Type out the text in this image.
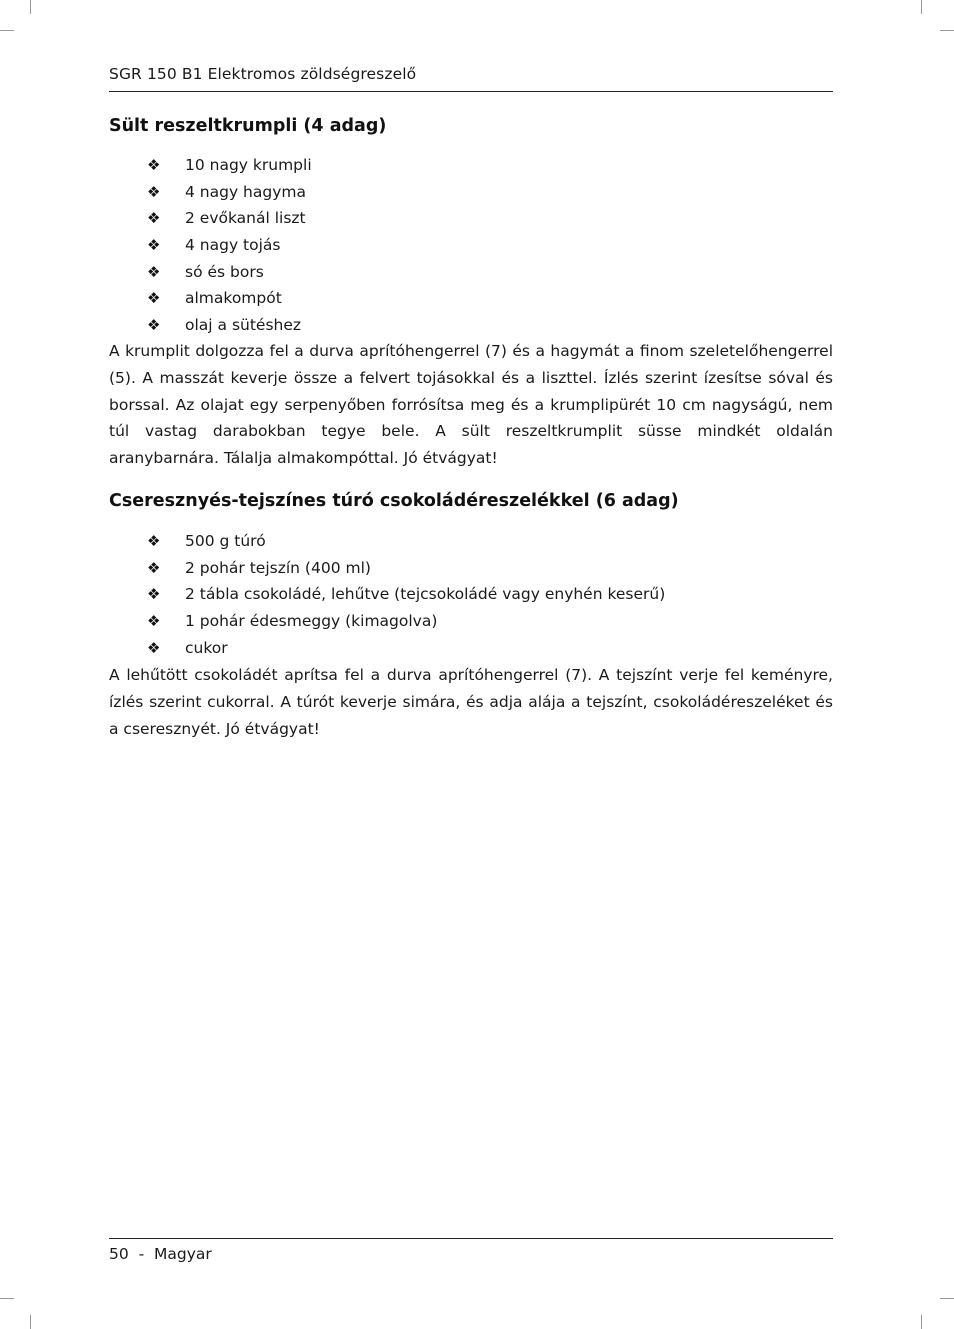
SGR 150 B1 Elektromos zöldségreszelő
Sült reszeltkrumpli (4 adag)
❖ 10 nagy krumpli
❖ 4 nagy hagyma
❖ 2 evőkanál liszt
❖ 4 nagy tojás
❖ só és bors
❖ almakompót
❖ olaj a sütéshez

A krumplit dolgozza fel a durva aprítóhengerrel (7) és a hagymát a finom szeletelőhengerrel (5). A masszát keverje össze a felvert tojásokkal és a liszttel. Ízlés szerint ízesítse sóval és borssal. Az olajat egy serpenyőben forrósítsa meg és a krumplipürét 10 cm nagyságú, nem túl vastag darabokban tegye bele. A sült reszeltkrumplit süsse mindkét oldalán aranybarnára. Tálalja almakompóttal. Jó étvágyat!

Cseresznyés-tejszínes túró csokoládéreszelékkel (6 adag)
❖ 500 g túró
❖ 2 pohár tejszín (400 ml)
❖ 2 tábla csokoládé, lehűtve (tejcsokoládé vagy enyhén keserű)
❖ 1 pohár édesmeggy (kimagolva)
❖ cukor

A lehűtött csokoládét aprítsa fel a durva aprítóhengerrel (7). A tejszínt verje fel keményre, ízlés szerint cukorral. A túrót keverje simára, és adja alája a tejszínt, csokoládéreszeléket és a cseresznyét. Jó étvágyat!

50 - Magyar
